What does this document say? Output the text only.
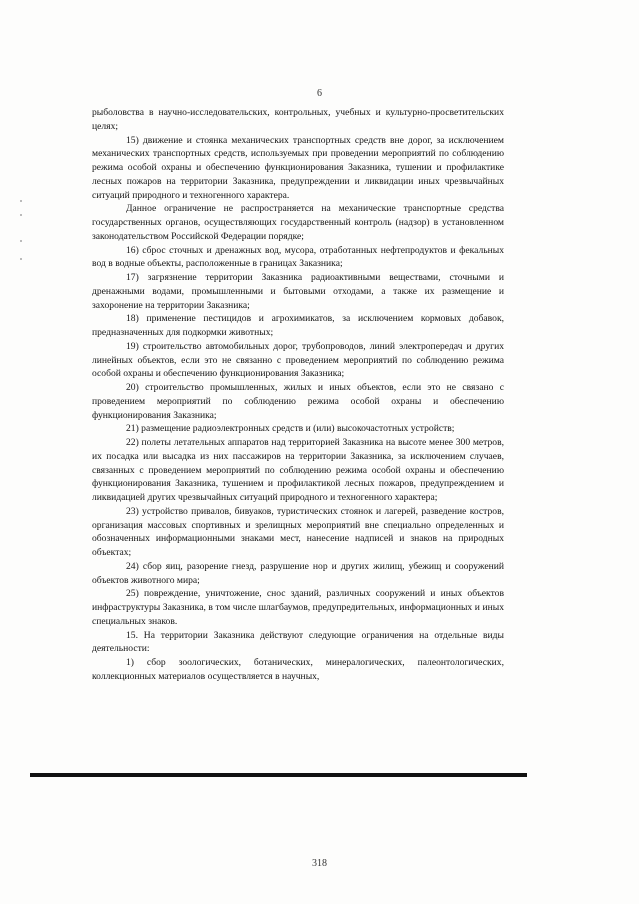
6

рыболовства в научно-исследовательских, контрольных, учебных и культурно-просветительских целях;

15) движение и стоянка механических транспортных средств вне дорог, за исключением механических транспортных средств, используемых при проведении мероприятий по соблюдению режима особой охраны и обеспечению функционирования Заказника, тушении и профилактике лесных пожаров на территории Заказника, предупреждении и ликвидации иных чрезвычайных ситуаций природного и техногенного характера.

Данное ограничение не распространяется на механические транспортные средства государственных органов, осуществляющих государственный контроль (надзор) в установленном законодательством Российской Федерации порядке;

16) сброс сточных и дренажных вод, мусора, отработанных нефтепродуктов и фекальных вод в водные объекты, расположенные в границах Заказника;

17) загрязнение территории Заказника радиоактивными веществами, сточными и дренажными водами, промышленными и бытовыми отходами, а также их размещение и захоронение на территории Заказника;

18) применение пестицидов и агрохимикатов, за исключением кормовых добавок, предназначенных для подкормки животных;

19) строительство автомобильных дорог, трубопроводов, линий электропередач и других линейных объектов, если это не связанно с проведением мероприятий по соблюдению режима особой охраны и обеспечению функционирования Заказника;

20) строительство промышленных, жилых и иных объектов, если это не связано с проведением мероприятий по соблюдению режима особой охраны и обеспечению функционирования Заказника;

21) размещение радиоэлектронных средств и (или) высокочастотных устройств;

22) полеты летательных аппаратов над территорией Заказника на высоте менее 300 метров, их посадка или высадка из них пассажиров на территории Заказника, за исключением случаев, связанных с проведением мероприятий по соблюдению режима особой охраны и обеспечению функционирования Заказника, тушением и профилактикой лесных пожаров, предупреждением и ликвидацией других чрезвычайных ситуаций природного и техногенного характера;

23) устройство привалов, бивуаков, туристических стоянок и лагерей, разведение костров, организация массовых спортивных и зрелищных мероприятий вне специально определенных и обозначенных информационными знаками мест, нанесение надписей и знаков на природных объектах;

24) сбор яиц, разорение гнезд, разрушение нор и других жилищ, убежищ и сооружений объектов животного мира;

25) повреждение, уничтожение, снос зданий, различных сооружений и иных объектов инфраструктуры Заказника, в том числе шлагбаумов, предупредительных, информационных и иных специальных знаков.

15. На территории Заказника действуют следующие ограничения на отдельные виды деятельности:

1) сбор зоологических, ботанических, минералогических, палеонтологических, коллекционных материалов осуществляется в научных,

318
